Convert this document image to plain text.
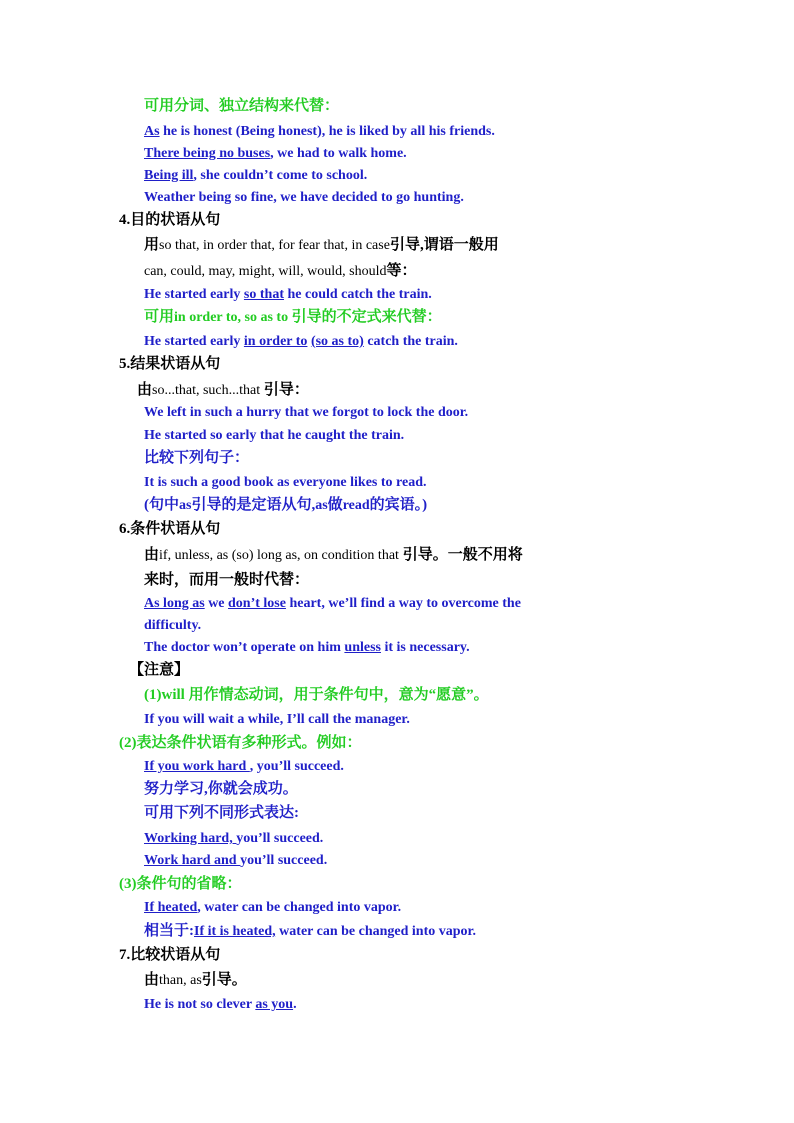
可用分词、独立结构来代替：
As he is honest (Being honest), he is liked by all his friends.
There being no buses, we had to walk home.
Being ill, she couldn’t come to school.
Weather being so fine, we have decided to go hunting.
4.目的状语从句
用so that, in order that, for fear that, in case引导,谓语一般用
can, could, may, might, will, would, should等：
He started early so that he could catch the train.
可用in order to, so as to 引导的不定式来代替：
He started early in order to (so as to) catch the train.
5.结果状语从句
由so...that, such...that 引导：
We left in such a hurry that we forgot to lock the door.
He started so early that he caught the train.
比较下列句子：
It is such a good book as everyone likes to read.
(句中as引导的是定语从句,as做read的宾语。)
6.条件状语从句
由if, unless, as (so) long as, on condition that 引导。一般不用将
来时，而用一般时代替：
As long as we don’t lose heart, we’ll find a way to overcome the
difficulty.
The doctor won’t operate on him unless it is necessary.
【注意】
(1)will 用作情态动词，用于条件句中，意为“愿意”。
If you will wait a while, I’ll call the manager.
(2)表达条件状语有多种形式。例如：
If you work hard , you’ll succeed.
努力学习,你就会成功。
可用下列不同形式表达:
Working hard, you’ll succeed.
Work hard and you’ll succeed.
(3)条件句的省略：
If heated, water can be changed into vapor.
相当于:If it is heated, water can be changed into vapor.
7.比较状语从句
由than, as引导。
He is not so clever as you.
